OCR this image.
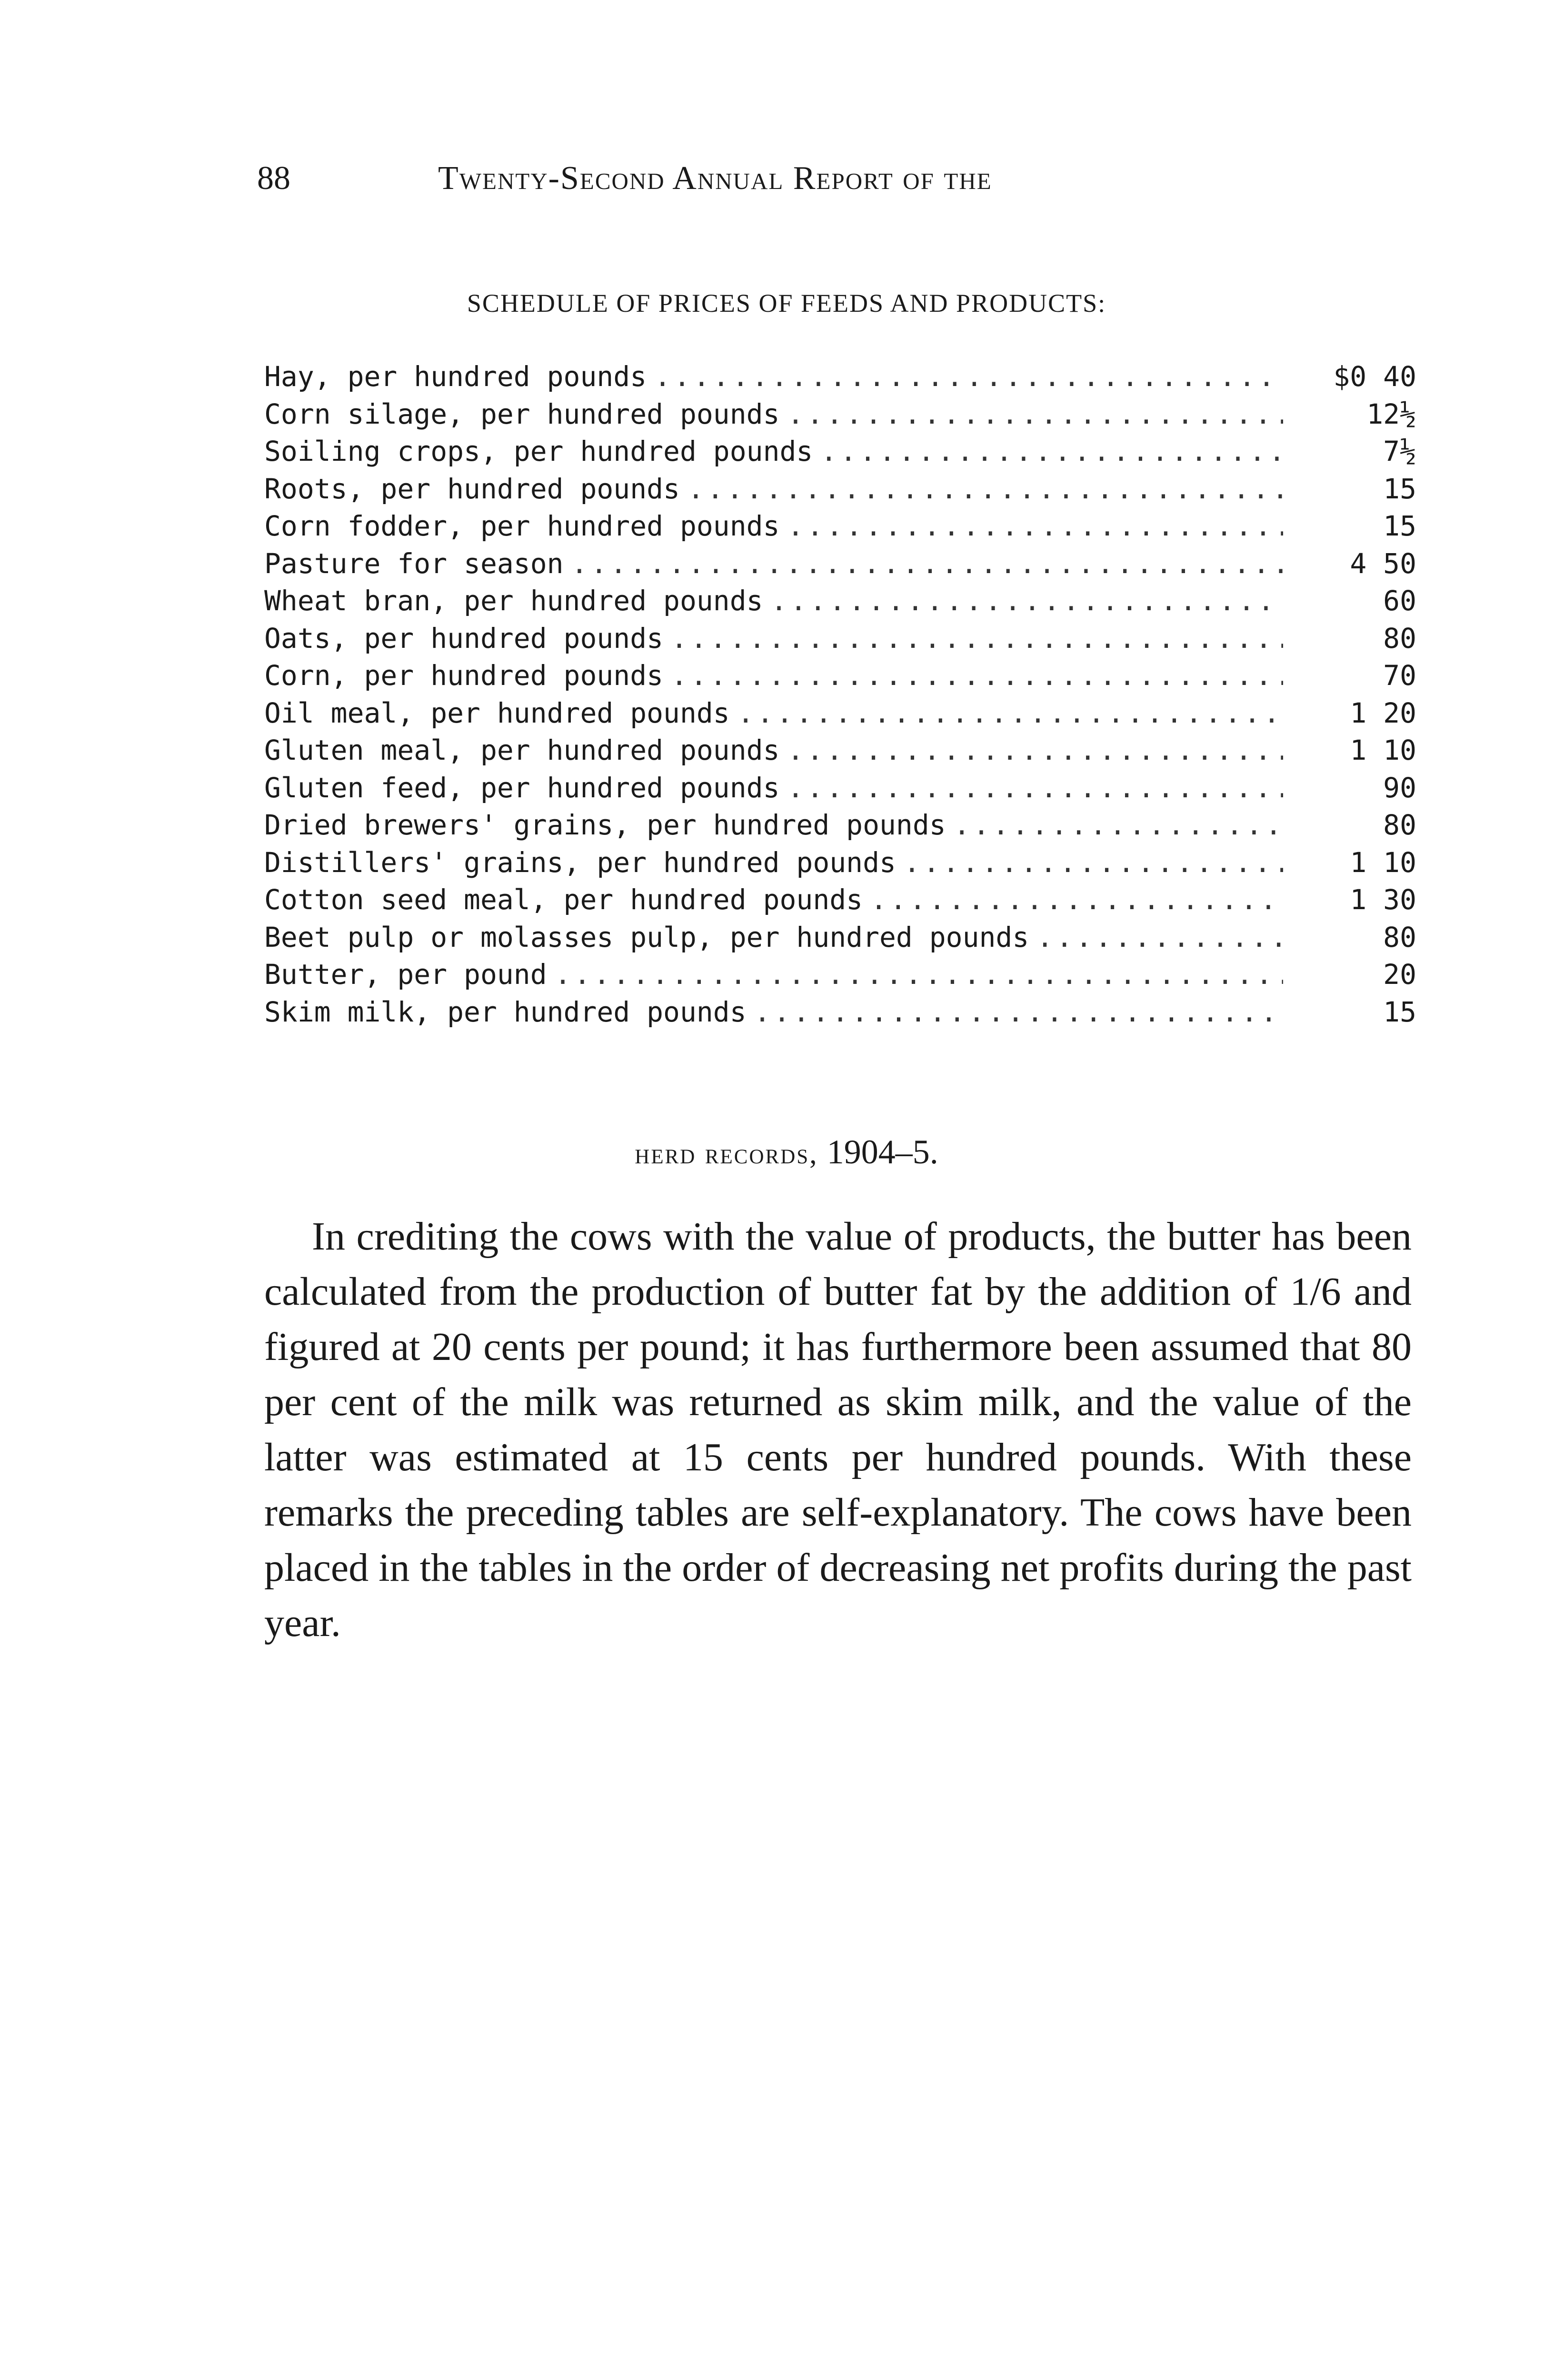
88	Twenty-Second Annual Report of the
SCHEDULE OF PRICES OF FEEDS AND PRODUCTS:
Hay, per hundred pounds .....	$0 40
Corn silage, per hundred pounds .....	12½
Soiling crops, per hundred pounds .....	7½
Roots, per hundred pounds .....	15
Corn fodder, per hundred pounds .....	15
Pasture for season .....	4 50
Wheat bran, per hundred pounds .....	60
Oats, per hundred pounds .....	80
Corn, per hundred pounds .....	70
Oil meal, per hundred pounds .....	1 20
Gluten meal, per hundred pounds .....	1 10
Gluten feed, per hundred pounds .....	90
Dried brewers' grains, per hundred pounds .....	80
Distillers' grains, per hundred pounds .....	1 10
Cotton seed meal, per hundred pounds .....	1 30
Beet pulp or molasses pulp, per hundred pounds .....	80
Butter, per pound .....	20
Skim milk, per hundred pounds .....	15
herd records, 1904–5.

In crediting the cows with the value of products, the butter has been calculated from the production of butter fat by the addition of 1/6 and figured at 20 cents per pound; it has furthermore been assumed that 80 per cent of the milk was returned as skim milk, and the value of the latter was estimated at 15 cents per hundred pounds. With these remarks the preceding tables are self-explanatory. The cows have been placed in the tables in the order of decreasing net profits during the past year.
